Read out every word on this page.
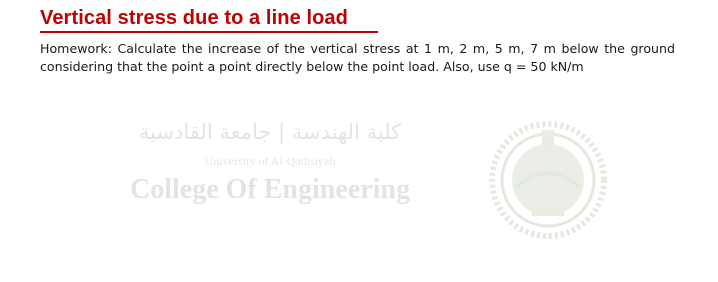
Vertical stress due to a line load
Homework: Calculate the increase of the vertical stress at 1 m, 2 m, 5 m, 7 m below the ground considering that the point a point directly below the point load. Also, use q = 50 kN/m
كلية الهندسة | جامعة القادسية
University of Al-Qadisiyah
College Of Engineering
